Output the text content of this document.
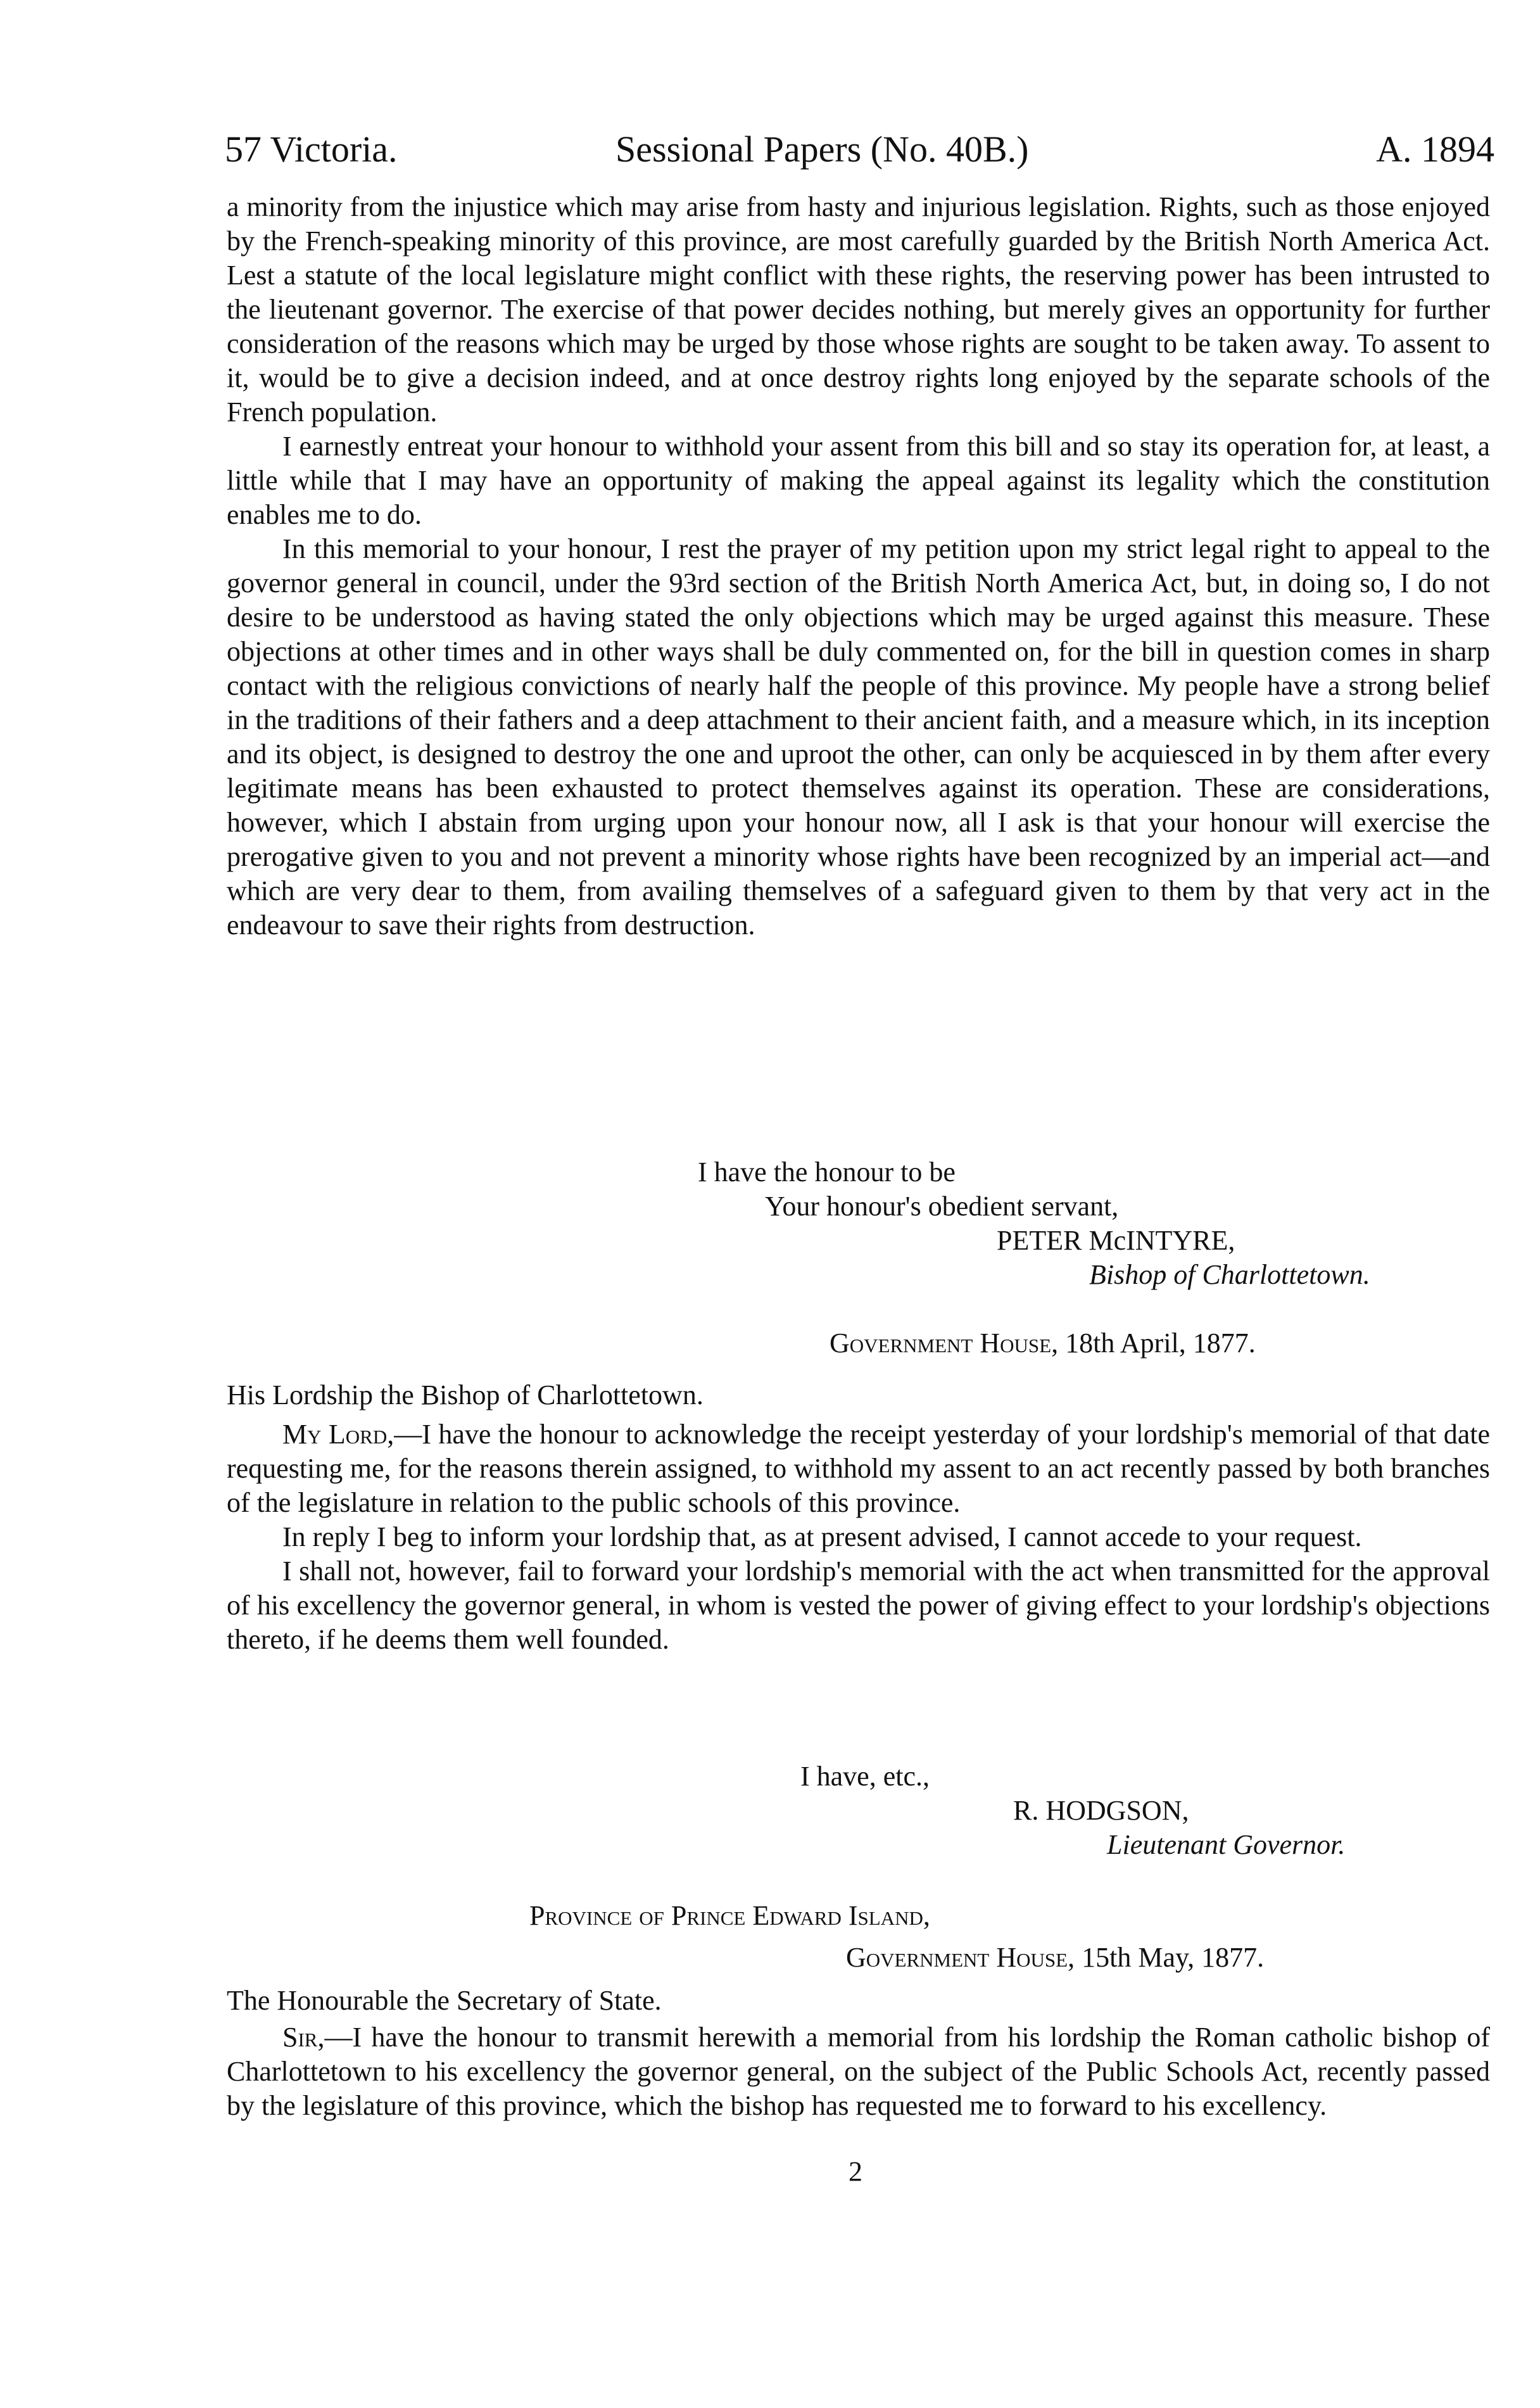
57 Victoria.	Sessional Papers (No. 40B.)	A. 1894

a minority from the injustice which may arise from hasty and injurious legislation. Rights, such as those enjoyed by the French-speaking minority of this province, are most carefully guarded by the British North America Act. Lest a statute of the local legislature might conflict with these rights, the reserving power has been intrusted to the lieutenant governor. The exercise of that power decides nothing, but merely gives an opportunity for further consideration of the reasons which may be urged by those whose rights are sought to be taken away. To assent to it, would be to give a decision indeed, and at once destroy rights long enjoyed by the separate schools of the French population.

I earnestly entreat your honour to withhold your assent from this bill and so stay its operation for, at least, a little while that I may have an opportunity of making the appeal against its legality which the constitution enables me to do.

In this memorial to your honour, I rest the prayer of my petition upon my strict legal right to appeal to the governor general in council, under the 93rd section of the British North America Act, but, in doing so, I do not desire to be understood as having stated the only objections which may be urged against this measure. These objections at other times and in other ways shall be duly commented on, for the bill in question comes in sharp contact with the religious convictions of nearly half the people of this province. My people have a strong belief in the traditions of their fathers and a deep attachment to their ancient faith, and a measure which, in its inception and its object, is designed to destroy the one and uproot the other, can only be acquiesced in by them after every legitimate means has been exhausted to protect themselves against its operation. These are considerations, however, which I abstain from urging upon your honour now, all I ask is that your honour will exercise the prerogative given to you and not prevent a minority whose rights have been recognized by an imperial act—and which are very dear to them, from availing themselves of a safeguard given to them by that very act in the endeavour to save their rights from destruction.

I have the honour to be
Your honour's obedient servant,
PETER McINTYRE,
Bishop of Charlottetown.
Government House, 18th April, 1877.
His Lordship the Bishop of Charlottetown.

My Lord,—I have the honour to acknowledge the receipt yesterday of your lordship's memorial of that date requesting me, for the reasons therein assigned, to withhold my assent to an act recently passed by both branches of the legislature in relation to the public schools of this province.

In reply I beg to inform your lordship that, as at present advised, I cannot accede to your request.

I shall not, however, fail to forward your lordship's memorial with the act when transmitted for the approval of his excellency the governor general, in whom is vested the power of giving effect to your lordship's objections thereto, if he deems them well founded.

I have, etc.,
R. HODGSON,
Lieutenant Governor.
Province of Prince Edward Island,
Government House, 15th May, 1877.
The Honourable the Secretary of State.

Sir,—I have the honour to transmit herewith a memorial from his lordship the Roman catholic bishop of Charlottetown to his excellency the governor general, on the subject of the Public Schools Act, recently passed by the legislature of this province, which the bishop has requested me to forward to his excellency.

2
